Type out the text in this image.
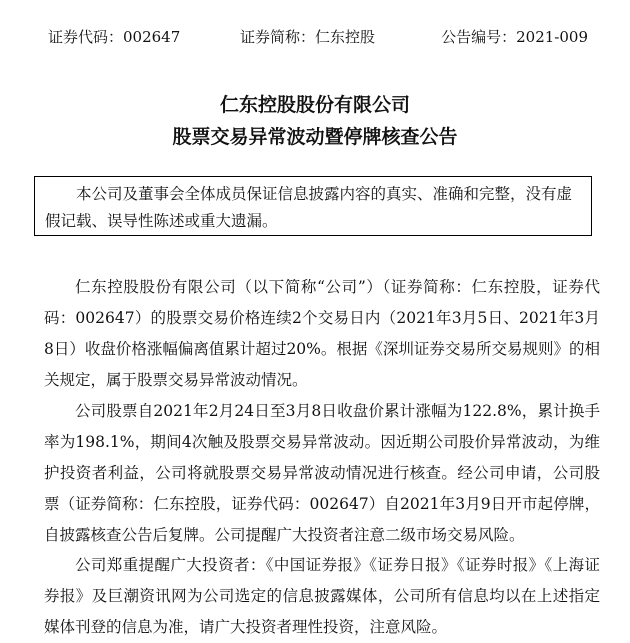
证券代码：002647	证券简称：仁东控股	公告编号：2021-009
仁东控股股份有限公司
股票交易异常波动暨停牌核查公告

本公司及董事会全体成员保证信息披露内容的真实、准确和完整，没有虚假记载、误导性陈述或重大遗漏。

仁东控股股份有限公司（以下简称“公司”）（证券简称：仁东控股，证券代码：002647）的股票交易价格连续2个交易日内（2021年3月5日、2021年3月8日）收盘价格涨幅偏离值累计超过20%。根据《深圳证券交易所交易规则》的相关规定，属于股票交易异常波动情况。

公司股票自2021年2月24日至3月8日收盘价累计涨幅为122.8%，累计换手率为198.1%，期间4次触及股票交易异常波动。因近期公司股价异常波动，为维护投资者利益，公司将就股票交易异常波动情况进行核查。经公司申请，公司股票（证券简称：仁东控股，证券代码：002647）自2021年3月9日开市起停牌，自披露核查公告后复牌。公司提醒广大投资者注意二级市场交易风险。

公司郑重提醒广大投资者：《中国证券报》《证券日报》《证券时报》《上海证券报》及巨潮资讯网为公司选定的信息披露媒体，公司所有信息均以在上述指定媒体刊登的信息为准，请广大投资者理性投资，注意风险。
